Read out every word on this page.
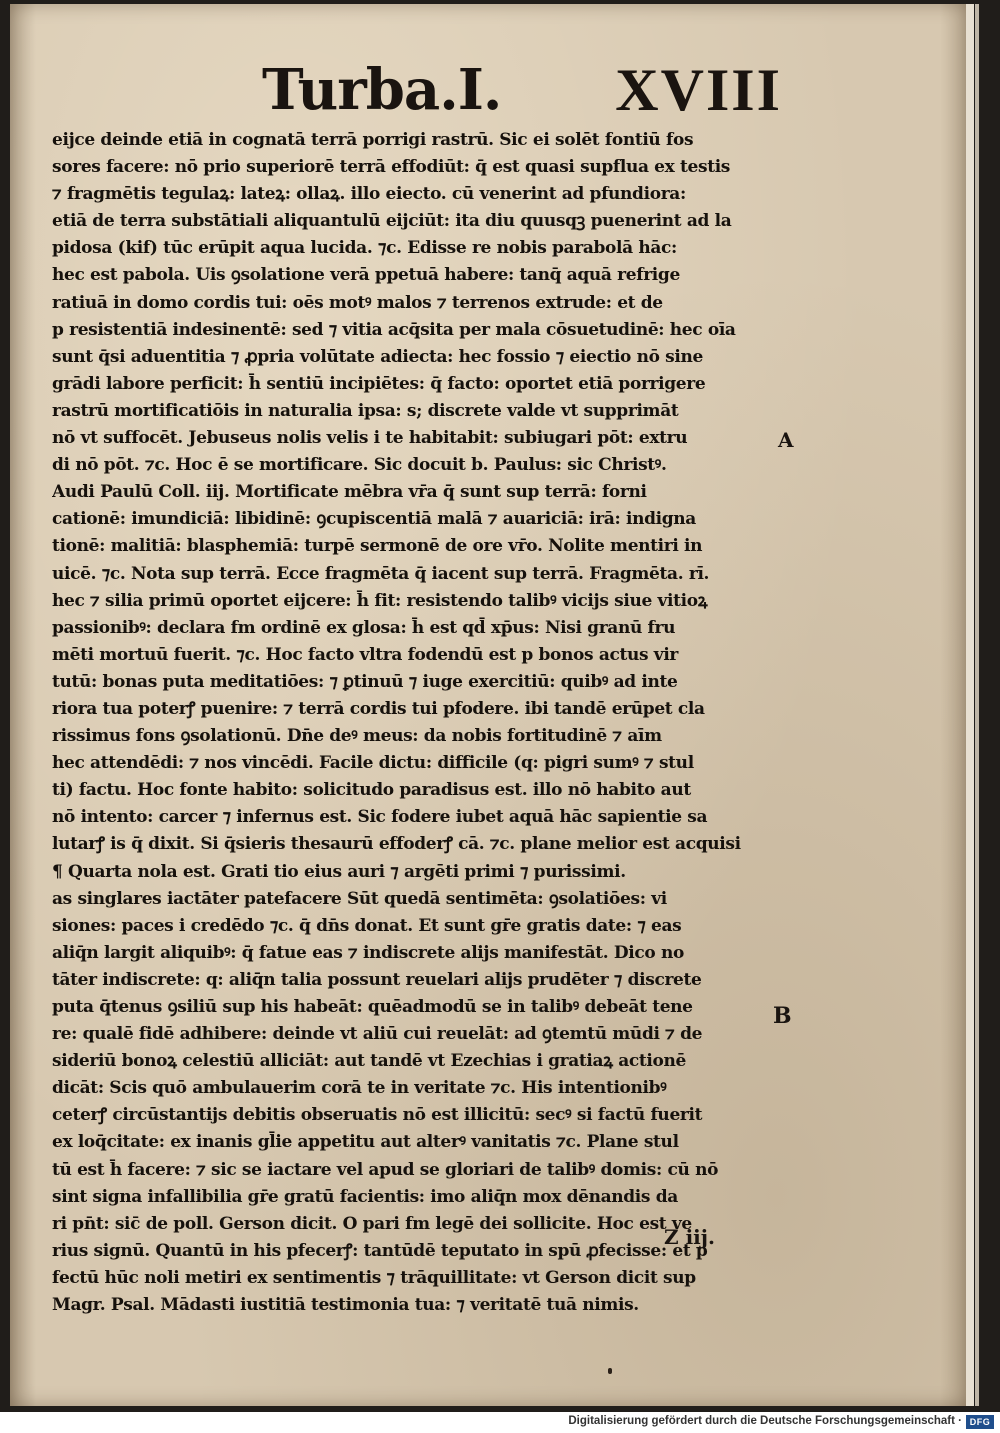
Turba.I. XVIII
eijce deinde etiā in cognatā terrā porrigi rastrū. Sic ei solēt fontiū fos
sores facere: nō prio superiorē terrā effodiūt: q̄ est quasi supflua ex testis
⁊ fragmētis tegulaꝝ: lateꝝ: ollaꝝ. illo eiecto. cū venerint ad pfundiora:
etiā de terra substātiali aliquantulū eijciūt: ita diu quusqꝫ puenerint ad la
pidosa (kif) tūc erūpit aqua lucida. ⁊c. Edisse re nobis parabolā hāc:
hec est pabola. Uis ꝯsolatione verā ppetuā habere: tanq̄ aquā refrige
ratiuā in domo cordis tui: oēs motꝰ malos ⁊ terrenos extrude: et de
p resistentiā indesinentē: sed ⁊ vitia acq̄sita per mala cōsuetudinē: hec oīa
sunt q̄si aduentitia ⁊ ꝓpria volūtate adiecta: hec fossio ⁊ eiectio nō sine
grādi labore perficit: h̄ sentiū incipiētes: q̄ facto: oportet etiā porrigere
rastrū mortificatiōis in naturalia ipsa: s; discrete valde vt supprimāt
nō vt suffocēt. Jebuseus nolis velis i te habitabit: subiugari pōt: extru
di nō pōt. ⁊c. Hoc ē se mortificare. Sic docuit b. Paulus: sic Christꝰ.
Audi Paulū Coll. iij. Mortificate mēbra vr̄a q̄ sunt sup terrā: forni
cationē: imundiciā: libidinē: ꝯcupiscentiā malā ⁊ auariciā: irā: indigna
tionē: malitiā: blasphemiā: turpē sermonē de ore vr̄o. Nolite mentiri in
uicē. ⁊c. Nota sup terrā. Ecce fragmēta q̄ iacent sup terrā. Fragmēta. rī.
hec ⁊ silia primū oportet eijcere: h̄ fit: resistendo talibꝰ vicijs siue vitioꝝ
passionibꝰ: declara fm ordinē ex glosa: h̄ est qd̄ xp̄us: Nisi granū fru
mēti mortuū fuerit. ⁊c. Hoc facto vltra fodendū est p bonos actus vir
tutū: bonas puta meditatiōes: ⁊ ꝑtinuū ⁊ iuge exercitiū: quibꝰ ad inte
riora tua poterꝭ puenire: ⁊ terrā cordis tui pfodere. ibi tandē erūpet cla
rissimus fons ꝯsolationū. Dn̄e deꝰ meus: da nobis fortitudinē ⁊ aīm
hec attendēdi: ⁊ nos vincēdi. Facile dictu: difficile (q: pigri sumꝰ ⁊ stul
ti) factu. Hoc fonte habito: solicitudo paradisus est. illo nō habito aut
nō intento: carcer ⁊ infernus est. Sic fodere iubet aquā hāc sapientie sa
lutarꝭ is q̄ dixit. Si q̄sieris thesaurū effoderꝭ cā. ⁊c. plane melior est acquisi
¶ Quarta nola est. Grati tio eius auri ⁊ argēti primi ⁊ purissimi.
as singlares iactāter patefacere Sūt quedā sentimēta: ꝯsolatiōes: vi
siones: paces i credēdo ⁊c. q̄ dn̄s donat. Et sunt gr̄e gratis date: ⁊ eas
aliq̄n largit aliquibꝰ: q̄ fatue eas ⁊ indiscrete alijs manifestāt. Dico no
tāter indiscrete: q: aliq̄n talia possunt reuelari alijs prudēter ⁊ discrete
puta q̄tenus ꝯsiliū sup his habeāt: quēadmodū se in talibꝰ debeāt tene
re: qualē fidē adhibere: deinde vt aliū cui reuelāt: ad ꝯtemtū mūdi ⁊ de
sideriū bonoꝝ celestiū alliciāt: aut tandē vt Ezechias i gratiaꝝ actionē
dicāt: Scis quō ambulauerim corā te in veritate ⁊c. His intentionibꝰ
ceterꝭ circūstantijs debitis obseruatis nō est illicitū: secꝰ si factū fuerit
ex loq̄citate: ex inanis gl̄ie appetitu aut alterꝰ vanitatis ⁊c. Plane stul
tū est h̄ facere: ⁊ sic se iactare vel apud se gloriari de talibꝰ domis: cū nō
sint signa infallibilia gr̄e gratū facientis: imo aliq̄n mox dēnandis da
ri pn̄t: sic̄ de poll. Gerson dicit. O pari fm legē dei sollicite. Hoc est ve
rius signū. Quantū in his pfecerꝭ: tantūdē teputato in spū ꝓfecisse: et p
fectū hūc noli metiri ex sentimentis ⁊ trāquillitate: vt Gerson dicit sup
Magr. Psal. Mādasti iustitiā testimonia tua: ⁊ veritatē tuā nimis.
A
B
Z iij.
Digitalisierung gefördert durch die Deutsche Forschungsgemeinschaft · DFG
